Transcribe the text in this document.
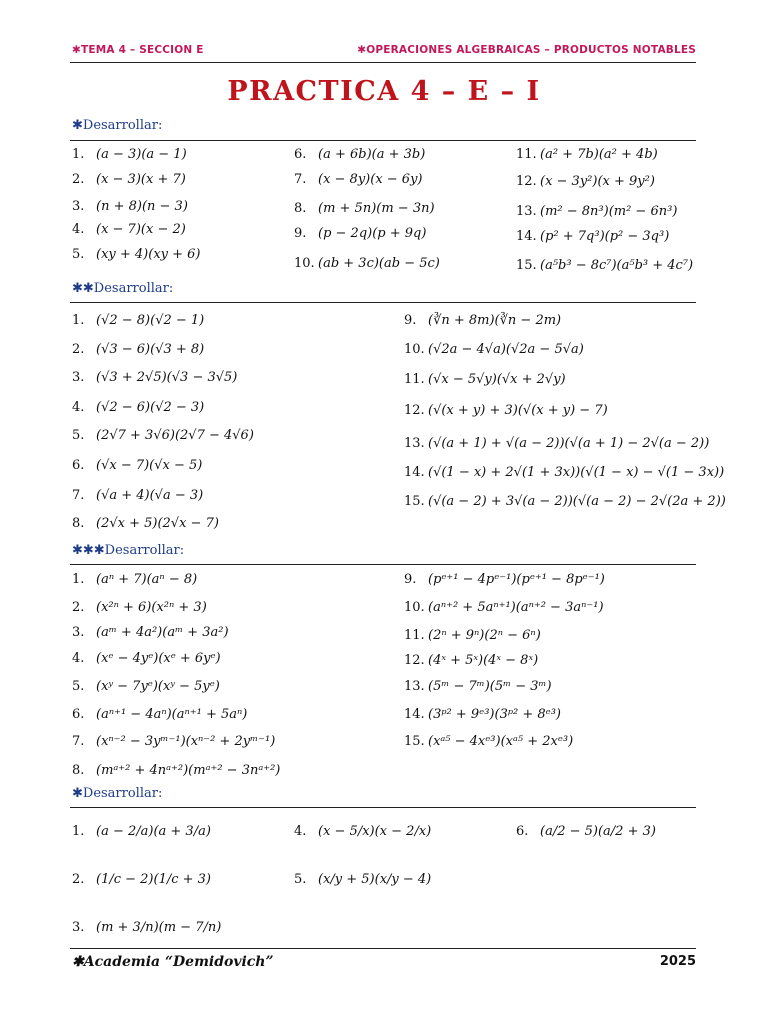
✱TEMA 4 – SECCION E	✱OPERACIONES ALGEBRAICAS – PRODUCTOS NOTABLES
PRACTICA 4 – E – I
✱Desarrollar:
✱✱Desarrollar:
✱✱✱Desarrollar:
✱Desarrollar:
✱Academia “Demidovich”	2025
1. (a − 3)(a − 1)
2. (x − 3)(x + 7)
3. (n + 8)(n − 3)
4. (x − 7)(x − 2)
5. (xy + 4)(xy + 6)
6. (a + 6b)(a + 3b)
7. (x − 8y)(x − 6y)
8. (m + 5n)(m − 3n)
9. (p − 2q)(p + 9q)
10. (ab + 3c)(ab − 5c)
11. (a² + 7b)(a² + 4b)
12. (x − 3y²)(x + 9y²)
13. (m² − 8n³)(m² − 6n³)
14. (p² + 7q³)(p² − 3q³)
15. (a⁵b³ − 8c⁷)(a⁵b³ + 4c⁷)
1. (√2 − 8)(√2 − 1)
2. (√3 − 6)(√3 + 8)
3. (√3 + 2√5)(√3 − 3√5)
4. (√2 − 6)(√2 − 3)
5. (2√7 + 3√6)(2√7 − 4√6)
6. (√x − 7)(√x − 5)
7. (√a + 4)(√a − 3)
8. (2√x + 5)(2√x − 7)
9. (∛n + 8m)(∛n − 2m)
10. (√2a − 4√a)(√2a − 5√a)
11. (√x − 5√y)(√x + 2√y)
12. (√(x + y) + 3)(√(x + y) − 7)
13. (√(a + 1) + √(a − 2))(√(a + 1) − 2√(a − 2))
14. (√(1 − x) + 2√(1 + 3x))(√(1 − x) − √(1 − 3x))
15. (√(a − 2) + 3√(a − 2))(√(a − 2) − 2√(2a + 2))
1. (aⁿ + 7)(aⁿ − 8)
2. (x²ⁿ + 6)(x²ⁿ + 3)
3. (aᵐ + 4a²)(aᵐ + 3a²)
4. (xᵉ − 4yᵉ)(xᵉ + 6yᵉ)
5. (xʸ − 7yᵉ)(xʸ − 5yᵉ)
6. (aⁿ⁺¹ − 4aⁿ)(aⁿ⁺¹ + 5aⁿ)
7. (xⁿ⁻² − 3yᵐ⁻¹)(xⁿ⁻² + 2yᵐ⁻¹)
8. (mᵃ⁺² + 4nᵃ⁺²)(mᵃ⁺² − 3nᵃ⁺²)
9. (pᵉ⁺¹ − 4pᵉ⁻¹)(pᵉ⁺¹ − 8pᵉ⁻¹)
10. (aⁿ⁺² + 5aⁿ⁺¹)(aⁿ⁺² − 3aⁿ⁻¹)
11. (2ⁿ + 9ⁿ)(2ⁿ − 6ⁿ)
12. (4ˣ + 5ˣ)(4ˣ − 8ˣ)
13. (5ᵐ − 7ᵐ)(5ᵐ − 3ᵐ)
14. (3ᵖ² + 9ᵉ³)(3ᵖ² + 8ᵉ³)
15. (xᵃ⁵ − 4xᵉ³)(xᵃ⁵ + 2xᵉ³)
1. (a − 2/a)(a + 3/a)
2. (1/c − 2)(1/c + 3)
3. (m + 3/n)(m − 7/n)
4. (x − 5/x)(x − 2/x)
5. (x/y + 5)(x/y − 4)
6. (a/2 − 5)(a/2 + 3)
